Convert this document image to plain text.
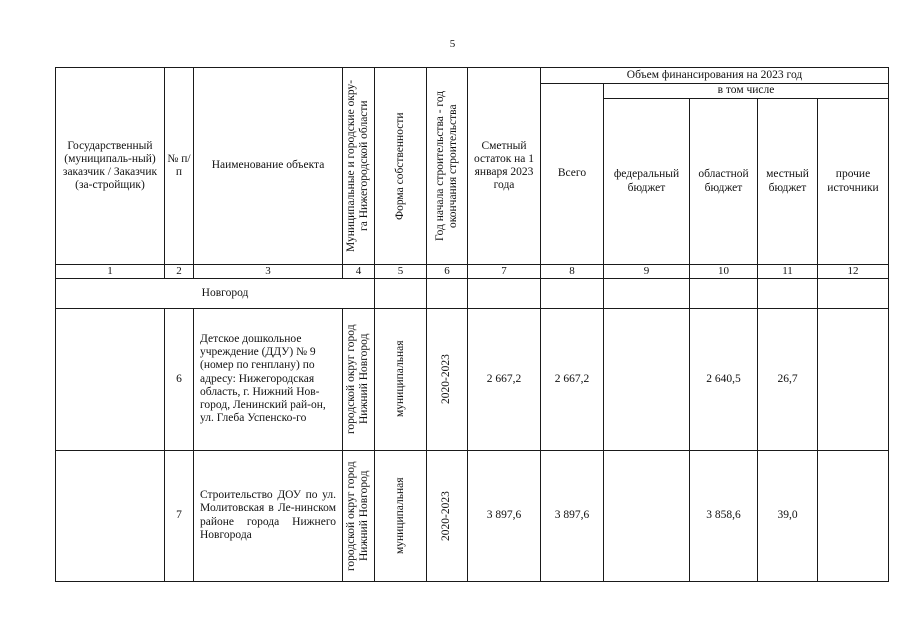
5
Государственный (муниципаль-ный) заказчик / Заказчик (за-стройщик)	№ п/п	Наименование объекта	Муниципальные и городские окру-га Нижегородской области	Форма собственности	Год начала строительства - год окончания строительства	Сметный остаток на 1 января 2023 года	Объем финансирования на 2023 год				
							Всего	в том числе			
								федеральный бюджет	областной бюджет	местный бюджет	прочие источники
1	2	3	4	5	6	7	8	9	10	11	12
Новгород											
	6	Детское дошкольное учреждение (ДДУ) № 9 (номер по генплану) по адресу: Нижегородская область, г. Нижний Нов-город, Ленинский рай-он, ул. Глеба Успенско-го	городской округ город Нижний Новгород	муниципальная	2020-2023	2 667,2	2 667,2		2 640,5	26,7	
	7	Строительство ДОУ по ул. Молитовская в Ле-нинском районе города Нижнего Новгорода	городской округ город Нижний Новгород	муниципальная	2020-2023	3 897,6	3 897,6		3 858,6	39,0	
